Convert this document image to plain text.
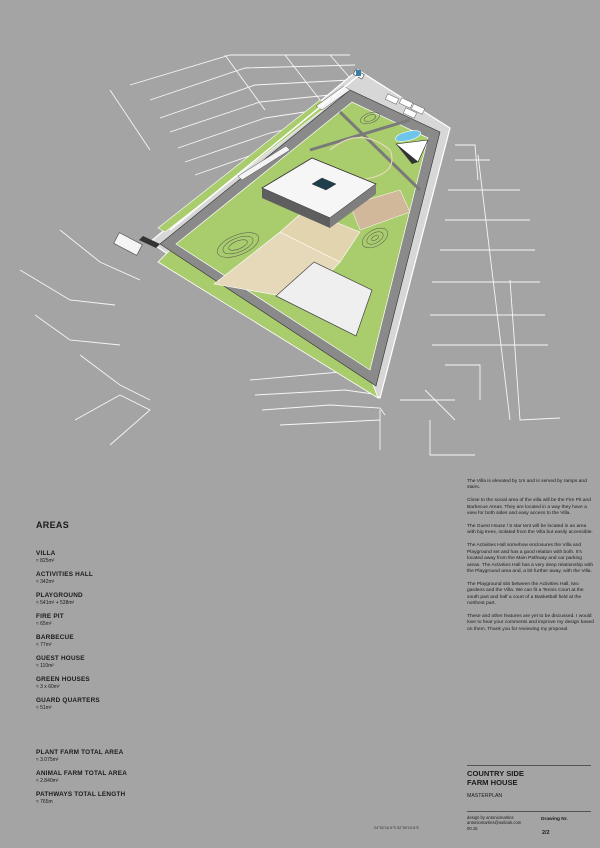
AREAS
VILLA
≈ 825m²
ACTIVITIES HALL
≈ 342m²
PLAYGROUND
≈ 541m² + 538m²
FIRE PIT
≈ 65m²
BARBECUE
≈ 77m²
GUEST HOUSE
≈ 110m²
GREEN HOUSES
≈ 3 x 60m²
GUARD QUARTERS
≈ 51m²
PLANT FARM TOTAL AREA
≈ 3.075m²
ANIMAL FARM TOTAL AREA
≈ 2.840m²
PATHWAYS TOTAL LENGTH
≈ 765m

The Villa is elevated by 1m and is served by ramps and stairs.

Close to the social area of the villa will be the Fire Pit and Barbecue Areas. They are located in a way they have a view for both sides and easy access to the Villa.

The Guest House / 5 star tent will be located in an area with big trees, isolated from the Villa but easily accessible.

The Activities Hall somehow enclosures the Villa and Playground set and has a good relation with both. It's located away from the Main Pathway and car parking areas. The Activities Hall has a very deep relationship with the Playground area and, a bit further away, with the Villa.

The Playground sits between the Activities Hall, two gardens and the Villa. We can fit a Tennis Court at the south part and half a court of a Basketball field at the northest part.

These and other features are yet to be discussed. I would love to hear your comments and improve my design based on them. Thank you for reviewing my proposal.

COUNTRY SIDE
FARM HOUSE
MASTERPLAN
design by antoniomartins
antoniomartins@outlook.com
00.15
Drawing Nr.
2/2
24°52'16.9"S 52°59'19.8"E
